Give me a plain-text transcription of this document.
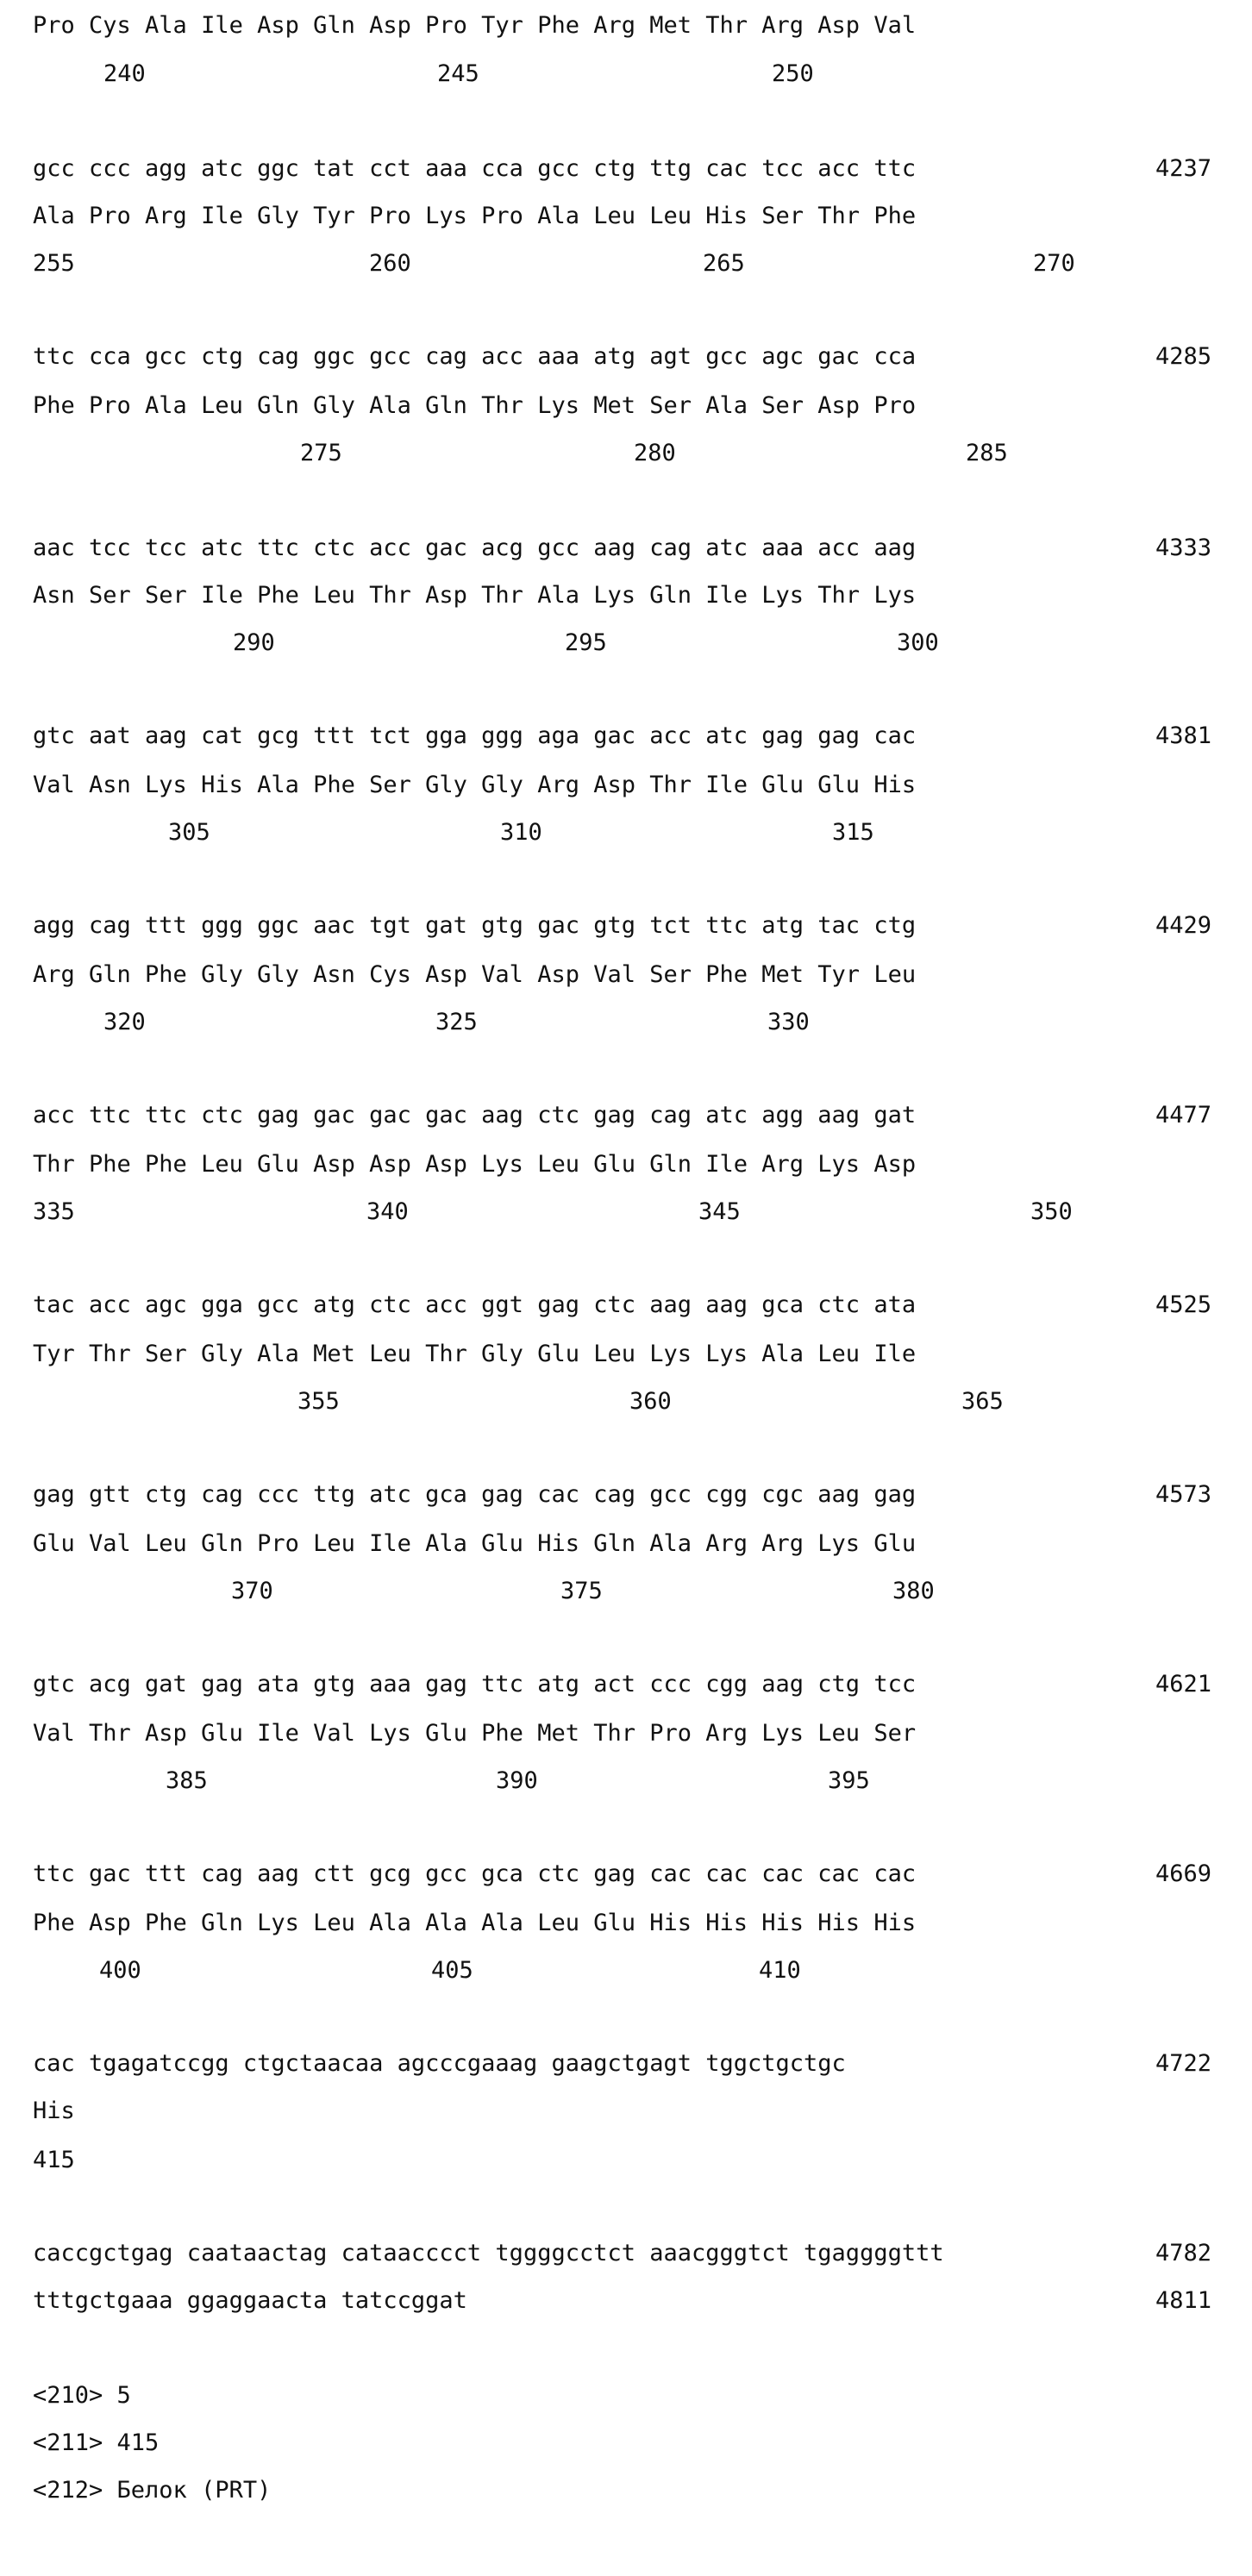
Pro Cys Ala Ile Asp Gln Asp Pro Tyr Phe Arg Met Thr Arg Asp Val
240	245	250
gcc ccc agg atc ggc tat cct aaa cca gcc ctg ttg cac tcc acc ttc	4237
Ala Pro Arg Ile Gly Tyr Pro Lys Pro Ala Leu Leu His Ser Thr Phe
255	260	265	270
ttc cca gcc ctg cag ggc gcc cag acc aaa atg agt gcc agc gac cca	4285
Phe Pro Ala Leu Gln Gly Ala Gln Thr Lys Met Ser Ala Ser Asp Pro
275	280	285
aac tcc tcc atc ttc ctc acc gac acg gcc aag cag atc aaa acc aag	4333
Asn Ser Ser Ile Phe Leu Thr Asp Thr Ala Lys Gln Ile Lys Thr Lys
290	295	300
gtc aat aag cat gcg ttt tct gga ggg aga gac acc atc gag gag cac	4381
Val Asn Lys His Ala Phe Ser Gly Gly Arg Asp Thr Ile Glu Glu His
305	310	315
agg cag ttt ggg ggc aac tgt gat gtg gac gtg tct ttc atg tac ctg	4429
Arg Gln Phe Gly Gly Asn Cys Asp Val Asp Val Ser Phe Met Tyr Leu
320	325	330
acc ttc ttc ctc gag gac gac gac aag ctc gag cag atc agg aag gat	4477
Thr Phe Phe Leu Glu Asp Asp Asp Lys Leu Glu Gln Ile Arg Lys Asp
335	340	345	350
tac acc agc gga gcc atg ctc acc ggt gag ctc aag aag gca ctc ata	4525
Tyr Thr Ser Gly Ala Met Leu Thr Gly Glu Leu Lys Lys Ala Leu Ile
355	360	365
gag gtt ctg cag ccc ttg atc gca gag cac cag gcc cgg cgc aag gag	4573
Glu Val Leu Gln Pro Leu Ile Ala Glu His Gln Ala Arg Arg Lys Glu
370	375	380
gtc acg gat gag ata gtg aaa gag ttc atg act ccc cgg aag ctg tcc	4621
Val Thr Asp Glu Ile Val Lys Glu Phe Met Thr Pro Arg Lys Leu Ser
385	390	395
ttc gac ttt cag aag ctt gcg gcc gca ctc gag cac cac cac cac cac	4669
Phe Asp Phe Gln Lys Leu Ala Ala Ala Leu Glu His His His His His
400	405	410
cac tgagatccgg ctgctaacaa agcccgaaag gaagctgagt tggctgctgc	4722
His
415
caccgctgag caataactag cataacccct tggggcctct aaacgggtct tgaggggttt	4782
tttgctgaaa ggaggaacta tatccggat	4811
<210> 5
<211> 415
<212> Белок (PRT)
